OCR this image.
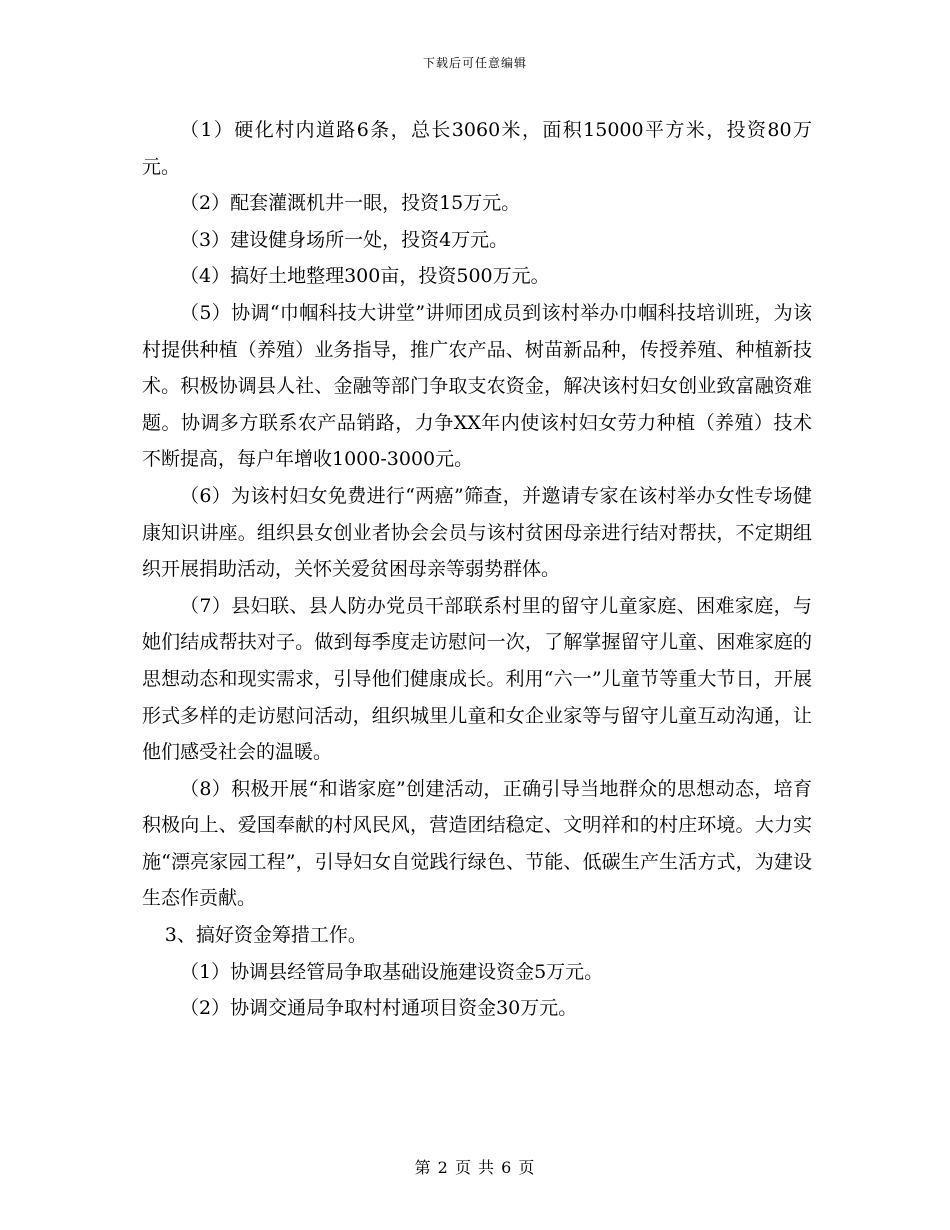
下载后可任意编辑

（1）硬化村内道路6条，总长3060米，面积15000平方米，投资80万元。

（2）配套灌溉机井一眼，投资15万元。

（3）建设健身场所一处，投资4万元。

（4）搞好土地整理300亩，投资500万元。

（5）协调“巾帼科技大讲堂”讲师团成员到该村举办巾帼科技培训班，为该村提供种植（养殖）业务指导，推广农产品、树苗新品种，传授养殖、种植新技术。积极协调县人社、金融等部门争取支农资金，解决该村妇女创业致富融资难题。协调多方联系农产品销路，力争XX年内使该村妇女劳力种植（养殖）技术不断提高，每户年增收1000-3000元。

（6）为该村妇女免费进行“两癌”筛查，并邀请专家在该村举办女性专场健康知识讲座。组织县女创业者协会会员与该村贫困母亲进行结对帮扶，不定期组织开展捐助活动，关怀关爱贫困母亲等弱势群体。

（7）县妇联、县人防办党员干部联系村里的留守儿童家庭、困难家庭，与她们结成帮扶对子。做到每季度走访慰问一次，了解掌握留守儿童、困难家庭的思想动态和现实需求，引导他们健康成长。利用“六一”儿童节等重大节日，开展形式多样的走访慰问活动，组织城里儿童和女企业家等与留守儿童互动沟通，让他们感受社会的温暖。

（8）积极开展“和谐家庭”创建活动，正确引导当地群众的思想动态，培育积极向上、爱国奉献的村风民风，营造团结稳定、文明祥和的村庄环境。大力实施“漂亮家园工程”，引导妇女自觉践行绿色、节能、低碳生产生活方式，为建设生态作贡献。

3、搞好资金筹措工作。

（1）协调县经管局争取基础设施建设资金5万元。

（2）协调交通局争取村村通项目资金30万元。

第 2 页 共 6 页
